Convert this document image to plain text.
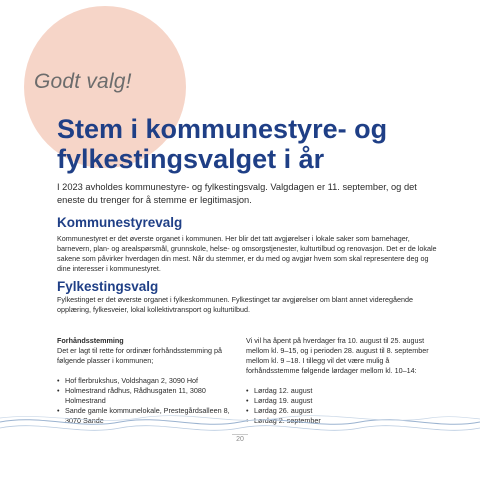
Godt valg!
Stem i kommunestyre- og fylkestingsvalget i år

I 2023 avholdes kommunestyre- og fylkestingsvalg. Valgdagen er 11. september, og det eneste du trenger for å stemme er legitimasjon.

Kommunestyrevalg

Kommunestyret er det øverste organet i kommunen. Her blir det tatt avgjørelser i lokale saker som barnehager, barnevern, plan- og arealspørsmål, grunnskole, helse- og omsorgstjenester, kulturtilbud og renovasjon. Det er de lokale sakene som påvirker hverdagen din mest. Når du stemmer, er du med og avgjør hvem som skal representere deg og dine interesser i kommunestyret.

Fylkestingsvalg

Fylkestinget er det øverste organet i fylkeskommunen. Fylkestinget tar avgjørelser om blant annet videregående opplæring, fylkesveier, lokal kollektivtransport og kulturtilbud.

Forhåndsstemming

Det er lagt til rette for ordinær forhåndsstemming på følgende plasser i kommunen;

• Hof flerbrukshus, Voldshagan 2, 3090 Hof
• Holmestrand rådhus, Rådhusgaten 11, 3080 Holmestrand
• Sande gamle kommunelokale, Prestegårdsalleen 8, 3070 Sande

Vi vil ha åpent på hverdager fra 10. august til 25. august mellom kl. 9–15, og i perioden 28. august til 8. september mellom kl. 9 –18. I tillegg vil det være mulig å forhåndsstemme følgende lørdager mellom kl. 10–14:

• Lørdag 12. august
• Lørdag 19. august
• Lørdag 26. august
• Lørdag 2. september
20
